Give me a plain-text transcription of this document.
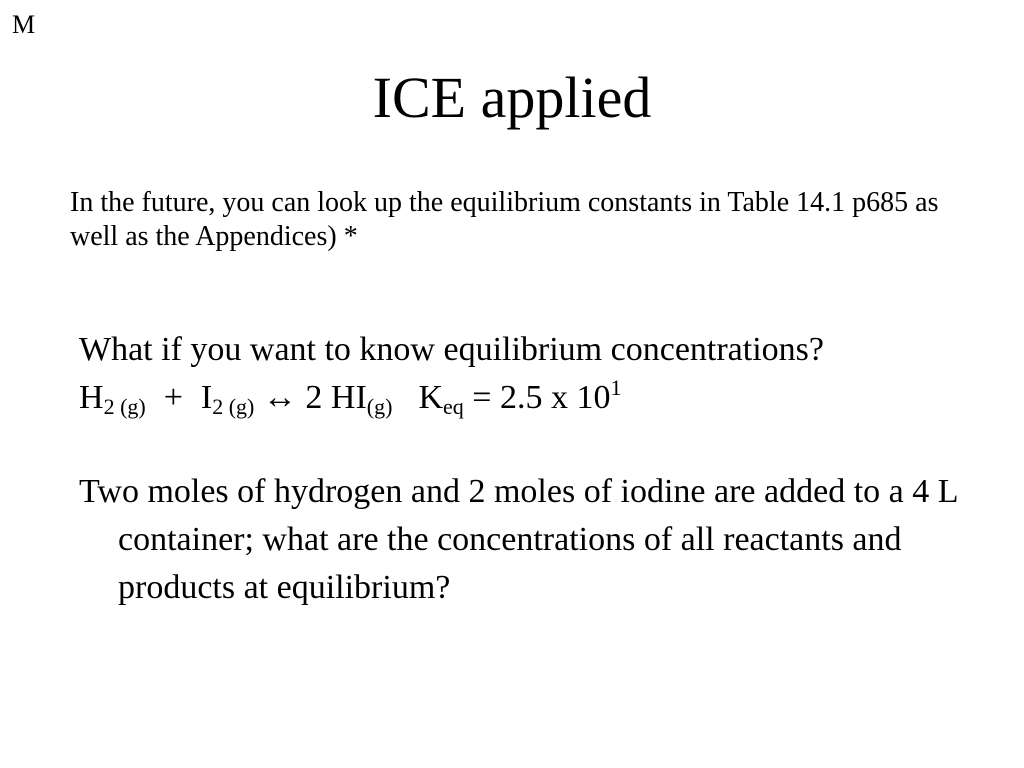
M
ICE applied
In the future, you can look up the equilibrium constants in Table 14.1 p685 as well as the Appendices) *

What if you want to know equilibrium concentrations?

$H_{2 (g)} + I_{2 (g)}$ ↔ 2 $HI_{(g)}$ $K_{eq} = 2.5$ x $10^1$

Two moles of hydrogen and 2 moles of iodine are added to a 4 L container; what are the concentrations of all reactants and products at equilibrium?
